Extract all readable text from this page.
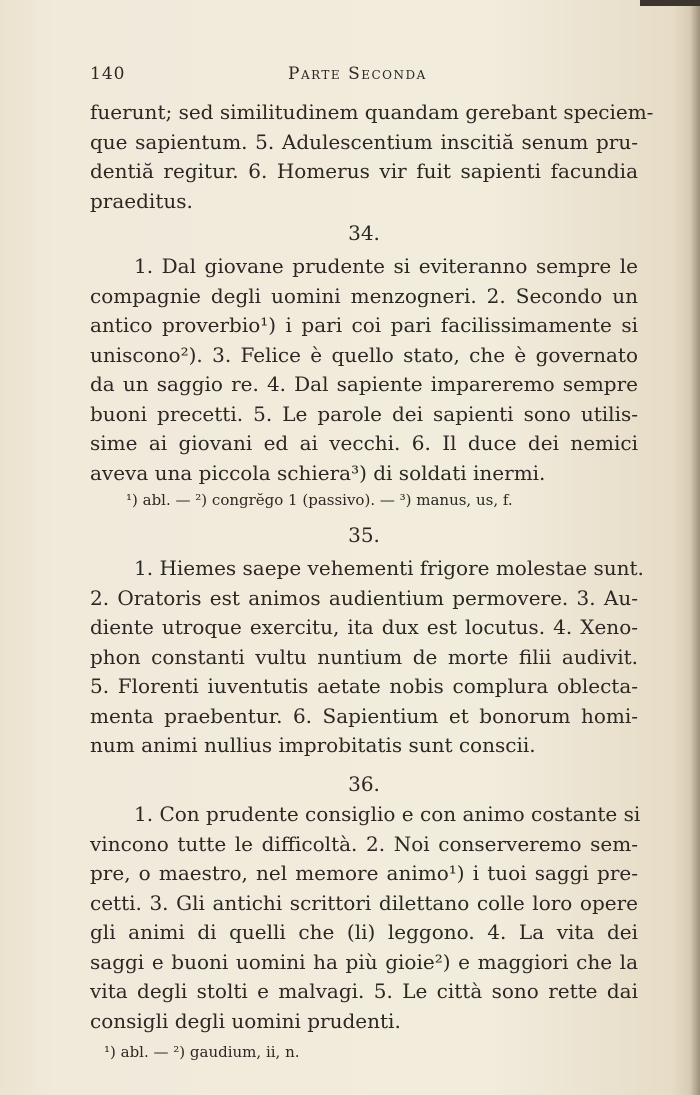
140	Parte Seconda
fuerunt; sed similitudinem quandam gerebant speciem-
que sapientum. 5. Adulescentium inscitiă senum pru-
dentiă regitur. 6. Homerus vir fuit sapienti facundia
praeditus.
34.
1. Dal giovane prudente si eviteranno sempre le
compagnie degli uomini menzogneri. 2. Secondo un
antico proverbio¹) i pari coi pari facilissimamente si
uniscono²). 3. Felice è quello stato, che è governato
da un saggio re. 4. Dal sapiente impareremo sempre
buoni precetti. 5. Le parole dei sapienti sono utilis-
sime ai giovani ed ai vecchi. 6. Il duce dei nemici
aveva una piccola schiera³) di soldati inermi.
¹) abl. — ²) congrĕgo 1 (passivo). — ³) manus, us, f.
35.
1. Hiemes saepe vehementi frigore molestae sunt.
2. Oratoris est animos audientium permovere. 3. Au-
diente utroque exercitu, ita dux est locutus. 4. Xeno-
phon constanti vultu nuntium de morte filii audivit.
5. Florenti iuventutis aetate nobis complura oblecta-
menta praebentur. 6. Sapientium et bonorum homi-
num animi nullius improbitatis sunt conscii.
36.
1. Con prudente consiglio e con animo costante si
vincono tutte le difficoltà. 2. Noi conserveremo sem-
pre, o maestro, nel memore animo¹) i tuoi saggi pre-
cetti. 3. Gli antichi scrittori dilettano colle loro opere
gli animi di quelli che (li) leggono. 4. La vita dei
saggi e buoni uomini ha più gioie²) e maggiori che la
vita degli stolti e malvagi. 5. Le città sono rette dai
consigli degli uomini prudenti.
¹) abl. — ²) gaudium, ii, n.
